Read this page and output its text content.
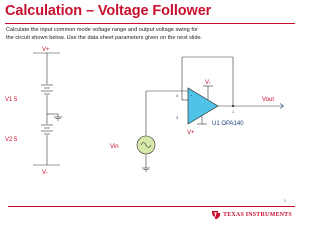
Calculation – Voltage Follower

Calculate the input common mode voltage range and output voltage swing for the circuit shown below. Use the data sheet parameters given on the next slide.

V+
V1 5
V2 5
V-
V-
V+
Vin
Vout
U1 OPA140
4
3
1
+
-
5
TEXAS INSTRUMENTS
